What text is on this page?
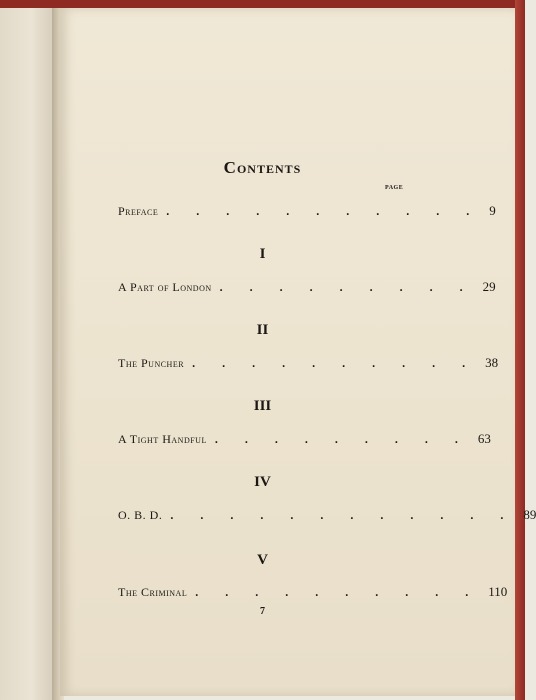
Contents
PAGE
Preface . . . . . . . . . . . 9
I
A Part of London . . . . . . . . . 29
II
The Puncher . . . . . . . . . . 38
III
A Tight Handful . . . . . . . . . 63
IV
O. B. D. . . . . . . . . . . . . 89
V
The Criminal . . . . . . . . . . 110
7
